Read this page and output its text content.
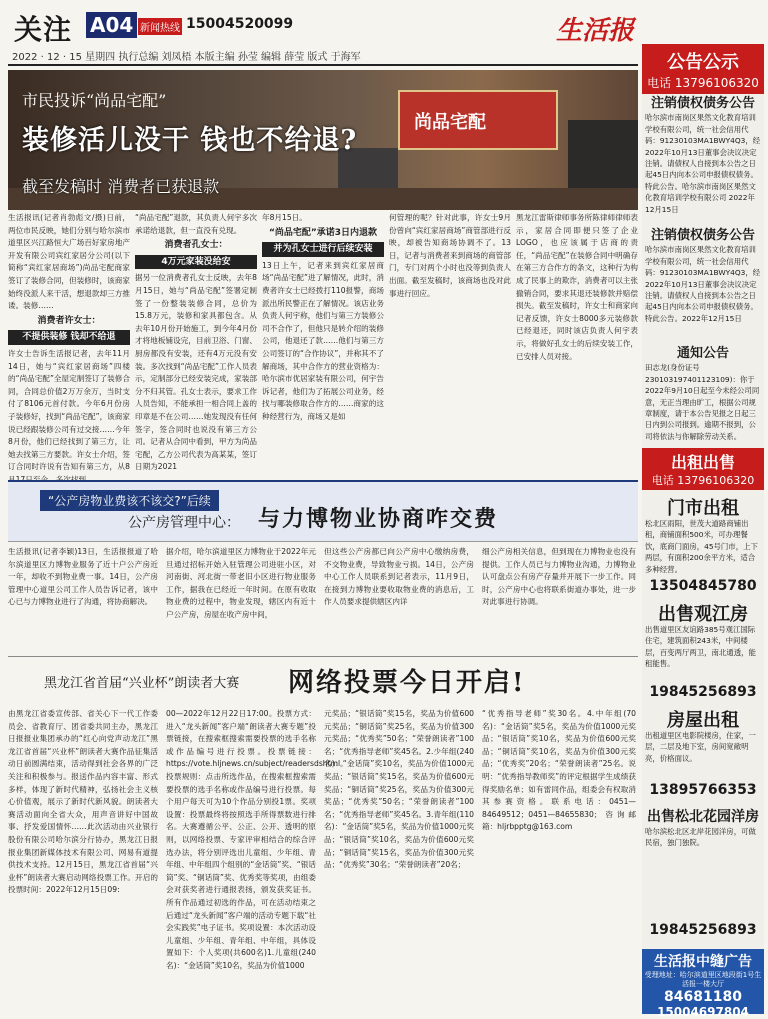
关注 A04 新闻热线 15004520099
2022 · 12 · 15 星期四 执行总编 刘凤梧 本版主编 孙莹 编辑 薛莹 版式 于海军
生活报
尚品宅配
市民投诉“尚品宅配”
装修活儿没干 钱也不给退?
截至发稿时 消费者已获退款
生活报讯(记者肖勃彪文/摄)日前，两位市民反映，她们分别与哈尔滨市道里区兴江路恒大广场百好家房地产开发有限公司宾红家居分公司(以下简称“宾红家居商场”)尚品宅配商家签订了装修合同，但装修时，该商家始终没派人来干活，想退款却三方推诿。装修……
消费者许女士：
不提供装修 钱却不给退
许女士告诉生活报记者，去年11月14日，她与“宾红家居商场”四楼的“尚品宅配”全屋定制签订了装修合同，合同总价值2万万余万，当时支付了8106元首付款。今年6月份房子装修好，找到“尚品宅配”，该商家说已经跟装修公司有过交接……今年8月份，他们已经找到了第三方，让她去找第三方要款。许女士介绍，签订合同时许说有告知有第三方，从8
“尚品宅配”退款，其负责人何宇多次承诺给退款，但一直没有兑现。
消费者孔女士：
4万元家装没给安
据另一位消费者孔女士反映，去年8月15日，她与“尚品宅配”签署定制签了一份整装装修合同，总价为15.8万元，装修和家具都包含。从去年10月份开始施工，到今年4月份才将地板铺设完，目前卫浴、门窗、厨房都没有安装，还有4万元没有安装。多次找到“尚品宅配”工作人员表示，定制部分已经安装完成，家装部分不归其管。孔女士表示，要求工作人员告知，不能承担一相合同上盖的印章是不在公司……她发现没有任何签字，签合同时也说没有第三方公司。记者从合同中看到，甲方为尚品宅配，乙方公司代表为高某某，签订日期为2021
年8月15日。
“尚品宅配”承诺3日内退款
并为孔女士进行后续安装
13日上午，记者来到宾红家居商场“尚品宅配”进了解情况，此时，消费者许女士已经拨打110报警，商场派出所民警正在了解情况。该店业务负责人何宇称，他们与第三方装修公司不合作了，但他只是转介绍的装修公司，他退还了款……他们与第三方公司签订的“合作协议”，并称其不了解商场，其中合作方的营业资格为：哈尔滨市优居家装有限公司，何宇告诉记者，他们为了拓展公司业务，经找与哪装修取合作方的……商家的这种经营行为，商场又是如
何管理的呢？针对此事，许女士9月份曾向“宾红家居商场”商管部进行反映，却被告知商场协调不了。13日，记者与消费者来到商场的商管部门，专门对两个小时也没等到负责人出面。截至发稿时，该商场也没对此事进行回应。
黑龙江雷斯律师事务所陈律师律师表示，家居合同即便只签了企业LOGO，也应该属于店商的责任，“尚品宅配”在装修合同中明确存在第三方合作方的条文，这种行为构成了民事上的欺诈，消费者可以主张撤销合同，要求其退还装修款并赔偿损失。截至发稿时，许女士和商家向记者反馈，许女士8000多元装修款已经退还，同时该店负责人何宇表示，将做好孔女士的后续安装工作，已安排人员对接。
“公产房物业费该不该交?”后续
公产房管理中心： 与力博物业协商咋交费
生活报讯(记者李颖)13日，生活报报道了哈尔滨道里区力博物业服务了近十户公产房近一年，却收不到物业费一事。14日，公产房管理中心道里公司工作人员告诉记者，该中心已与力博物业进行了沟通，将协商解决。
据介绍，哈尔滨道里区力博物业于2022年元旦通过招标开始入驻管理公司进驻小区，对河南街、河北街一带老旧小区进行物业服务工作，据我在已经近一年时间。在原有收取物业费的过程中，物业发现，辖区内有近十户公产房，房屋在收产房中间，
但这些公产房都已向公产房中心缴纳房费，不交物业费，导致物业亏损。14日，公产房中心工作人员联系到记者表示，11月9日，在接到力博物业要收取物业费的消息后，工作人员要求提供辖区内详
细公产房相关信息，但到现在力博物业也没有提供。工作人员已与力博物业沟通，力博物业认可盘点公有房产存量并开展下一步工作。同时，公产房中心也将联系街道办事处，进一步对此事进行协调。
黑龙江省首届“兴业杯”朗读者大赛 网络投票今日开启!
由黑龙江省委宣传部、省关心下一代工作委员会、省教育厅、团省委共同主办，黑龙江日报报业集团承办的“红心向党声动龙江”黑龙江省首届“兴业杯”朗读者大赛作品征集活动日前圆满结束，活动得到社会各界的广泛关注和积极参与。报送作品内容丰富、形式多样，体现了新时代精神，弘扬社会主义核心价值观，展示了新时代新风貌。朗读者大赛活动面向全省大众，用声音讲好中国故事、抒发爱国情怀……此次活动由兴业银行股份有限公司哈尔滨分行协办，黑龙江日报报业集团新媒体技术有限公司、网易有道提供技术支持。12月15日，黑龙江省首届“兴业杯”朗读者大赛启动网络投票工作。开启的投票时间：2022年12月15日09:
00—2022年12月22日17:00。投票方式：进入“龙头新闻”客户端“朗读者大赛专题”投票链接，在搜索框搜索需要投票的选手名称或作品编号进行投票。投票链接：https://vote.hljnews.cn/subject/readersdshtml。投票规则：点击所选作品，在搜索框搜索需要投票的选手名称或作品编号进行投票。每个用户每天可为10个作品分别投1票。奖项设置：投票最终将按照选手所得票数进行排名。大赛遵循公平、公正、公开、透明的原则，以网络投票、专家评审相结合的综合评选办法，将分别评选出儿童组、少年组、青年组、中年组四个组别的“金话筒”奖、“银话筒”奖、“铜话筒”奖、优秀奖等奖项，由组委会对获奖者进行通报表扬，颁发获奖证书。所有作品通过初选的作品，可在活动结束之后通过“龙头新闻”客户端的活动专题下载“社会实践奖”电子证书。奖项设置：本次活动设儿童组、少年组、青年组、中年组，具体设置如下：个人奖项(共600名)1.儿童组(240名)：“金话筒”奖10名，奖品为价值1000
元奖品；“银话筒”奖15名，奖品为价值600元奖品；“铜话筒”奖25名，奖品为价值300元奖品；“优秀奖”50名；“荣誉朗读者”100名；“优秀指导老师”奖45名。2.少年组(240名)：“金话筒”奖10名，奖品为价值1000元奖品；“银话筒”奖15名，奖品为价值600元奖品；“铜话筒”奖25名，奖品为价值300元奖品；“优秀奖”50名；“荣誉朗读者”100名；“优秀指导老师”奖45名。3.青年组(110名)：“金话筒”奖5名，奖品为价值1000元奖品；“银话筒”奖10名，奖品为价值600元奖品；“铜话筒”奖15名，奖品为价值300元奖品；“优秀奖”30名；“荣誉朗读者”20名；
“优秀指导老师”奖30名。4.中年组(70名)：“金话筒”奖5名，奖品为价值1000元奖品；“银话筒”奖10名，奖品为价值600元奖品；“铜话筒”奖10名，奖品为价值300元奖品；“优秀奖”20名；“荣誉朗读者”25名。说明：“优秀指导教师奖”的评定根据学生成绩获得奖励名单；如有雷同作品，组委会有权取消其参赛资格。联系电话：0451—84649512；0451—84655830；咨询邮箱：hljrbpptg@163.com
公告公示
电话 13796106320
注销债权债务公告
哈尔滨市南岗区果然文化教育培训学校有限公司，统一社会信用代码：91230103MA1BWY4Q3，经2022年10月13日董事会决议决定注销。请债权人自接到本公告之日起45日内向本公司申报债权债务。特此公告。哈尔滨市南岗区果然文化教育培训学校有限公司 2022年12月15日
注销债权债务公告
哈尔滨市南岗区果然文化教育培训学校有限公司，统一社会信用代码：91230103MA1BWY4Q3，经2022年10月13日董事会决议决定注销。请债权人自接到本公告之日起45日内向本公司申报债权债务。特此公告。2022年12月15日
通知公告
田志龙(身份证号230103197401123109)：你于2022年9月10日起至今未经公司同意，无正当理由旷工，根据公司规章制度，请于本公告见报之日起三日内到公司报到。逾期不报到，公司将依法与你解除劳动关系。
出租出售
电话 13796106320
门市出租
松北区雨阳，世茂大道路商铺出租，商铺面积500米，可办理餐饮，底商门面房，45号门市，上下两层，有面积200余平方米，适合多种经营。
13504845780
出售观江房
出售道里区友谊路385号观江国际住宅，建筑面积243米，中间楼层，百变两厅两卫，南北通透，能租能售。
19845256893
房屋出租
出租道里区电影院楼房，住家，一层，二层及地下室，房间宽敞明亮，价格面议。
13895766353
出售松北花园洋房
哈尔滨松北区北岸花园洋房，可做民宿，独门独院。
19845256893
生活报中缝广告
受理地址：哈尔滨道里区地段街1号生活报一楼大厅
84681180
15004697804
